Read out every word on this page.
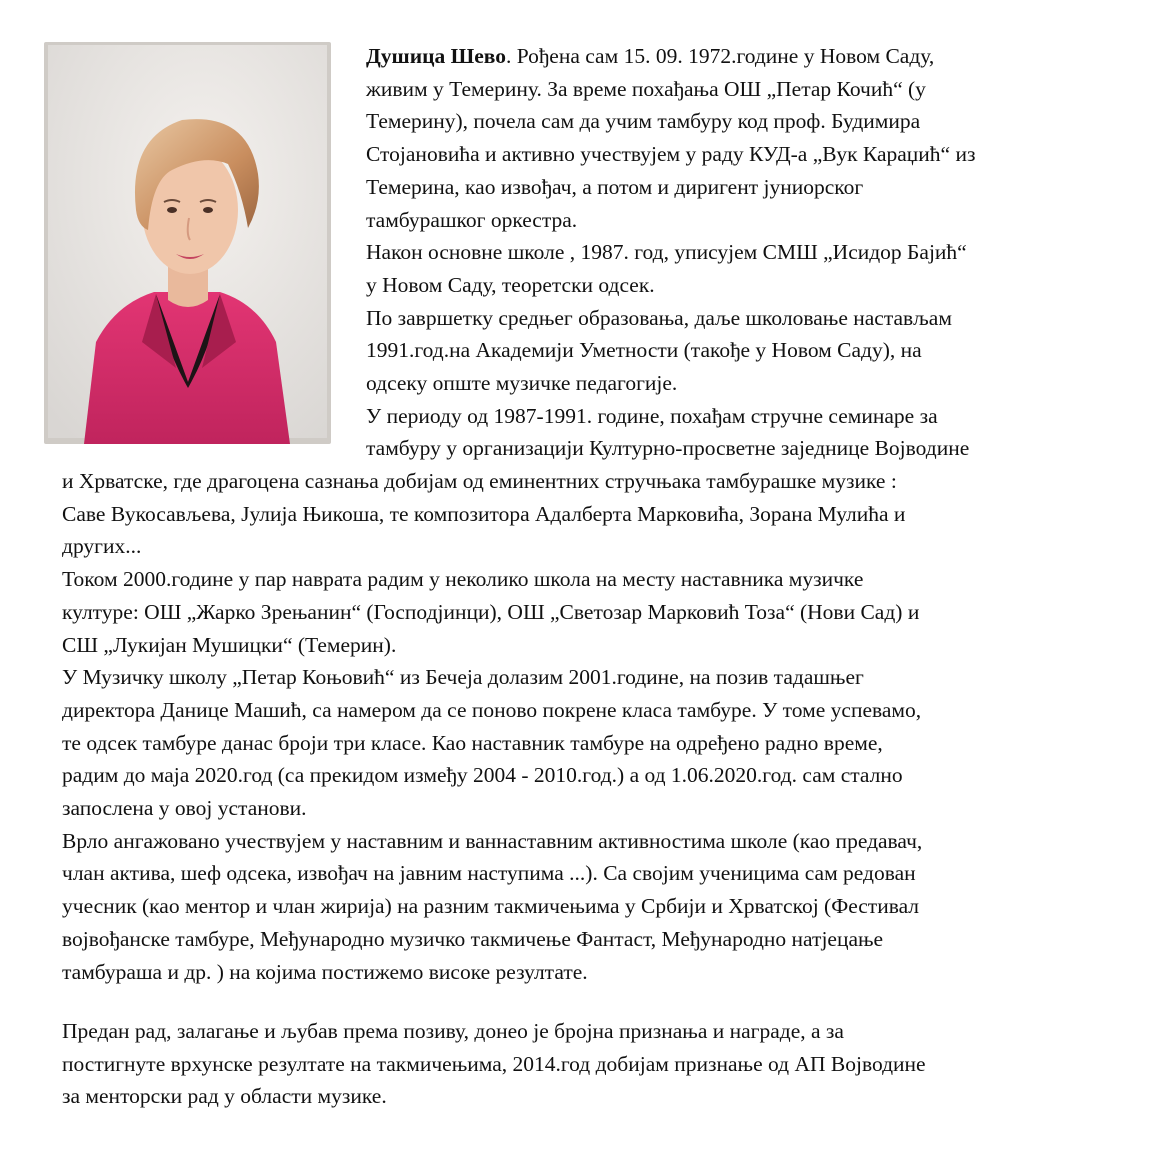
Душица Шево. Рођена сам 15. 09. 1972.године у Новом Саду,
живим у Темерину. За време похађања ОШ „Петар Кочић“ (у
Темерину), почела сам да учим тамбуру код проф. Будимира
Стојановића и активно учествујем у раду КУД-а „Вук Караџић“ из
Темерина, као извођач, а потом и диригент јуниорског
тамбурашког оркестра.
Након основне школе , 1987. год, уписујем СМШ „Исидор Бајић“
у Новом Саду, теоретски одсек.
По завршетку средњег образовања, даље школовање настављам
1991.год.на Академији Уметности (такође у Новом Саду), на
одсеку опште музичке педагогије.
У периоду од 1987-1991. године, похађам стручне семинаре за
тамбуру у организацији Културно-просветне заједнице Војводине
и Хрватске, где драгоцена сазнања добијам од еминентних стручњака тамбурашке музике :
Саве Вукосављева, Јулија Њикоша, те композитора Адалберта Марковића, Зорана Мулића и
других...
Током 2000.године у пар наврата радим у неколико школа на месту наставника музичке
културе: ОШ „Жарко Зрењанин“ (Господјинци), ОШ „Светозар Марковић Тоза“ (Нови Сад) и
СШ „Лукијан Мушицки“ (Темерин).
У Музичку школу „Петар Коњовић“ из Бечеја долазим 2001.године, на позив тадашњег
директора Данице Машић, са намером да се поново покрене класа тамбуре. У томе успевамо,
те одсек тамбуре данас броји три класе. Као наставник тамбуре на одређено радно време,
радим до маја 2020.год (са прекидом између 2004 - 2010.год.) а од 1.06.2020.год. сам стално
запослена у овој установи.
Врло ангажовано учествујем у наставним и ваннаставним активностима школе (као предавач,
члан актива, шеф одсека, извођач на јавним наступима ...). Са својим ученицима сам редован
учесник (као ментор и члан жирија) на разним такмичењима у Србији и Хрватској (Фестивал
војвођанске тамбуре, Међународно музичко такмичење Фантаст, Међународно натјецање
тамбураша и др. ) на којима постижемо високе резултате.
Предан рад, залагање и љубав према позиву, донео је бројна признања и награде, а за
постигнуте врхунске резултате на такмичењима, 2014.год добијам признање од АП Војводине
за менторски рад у области музике.
